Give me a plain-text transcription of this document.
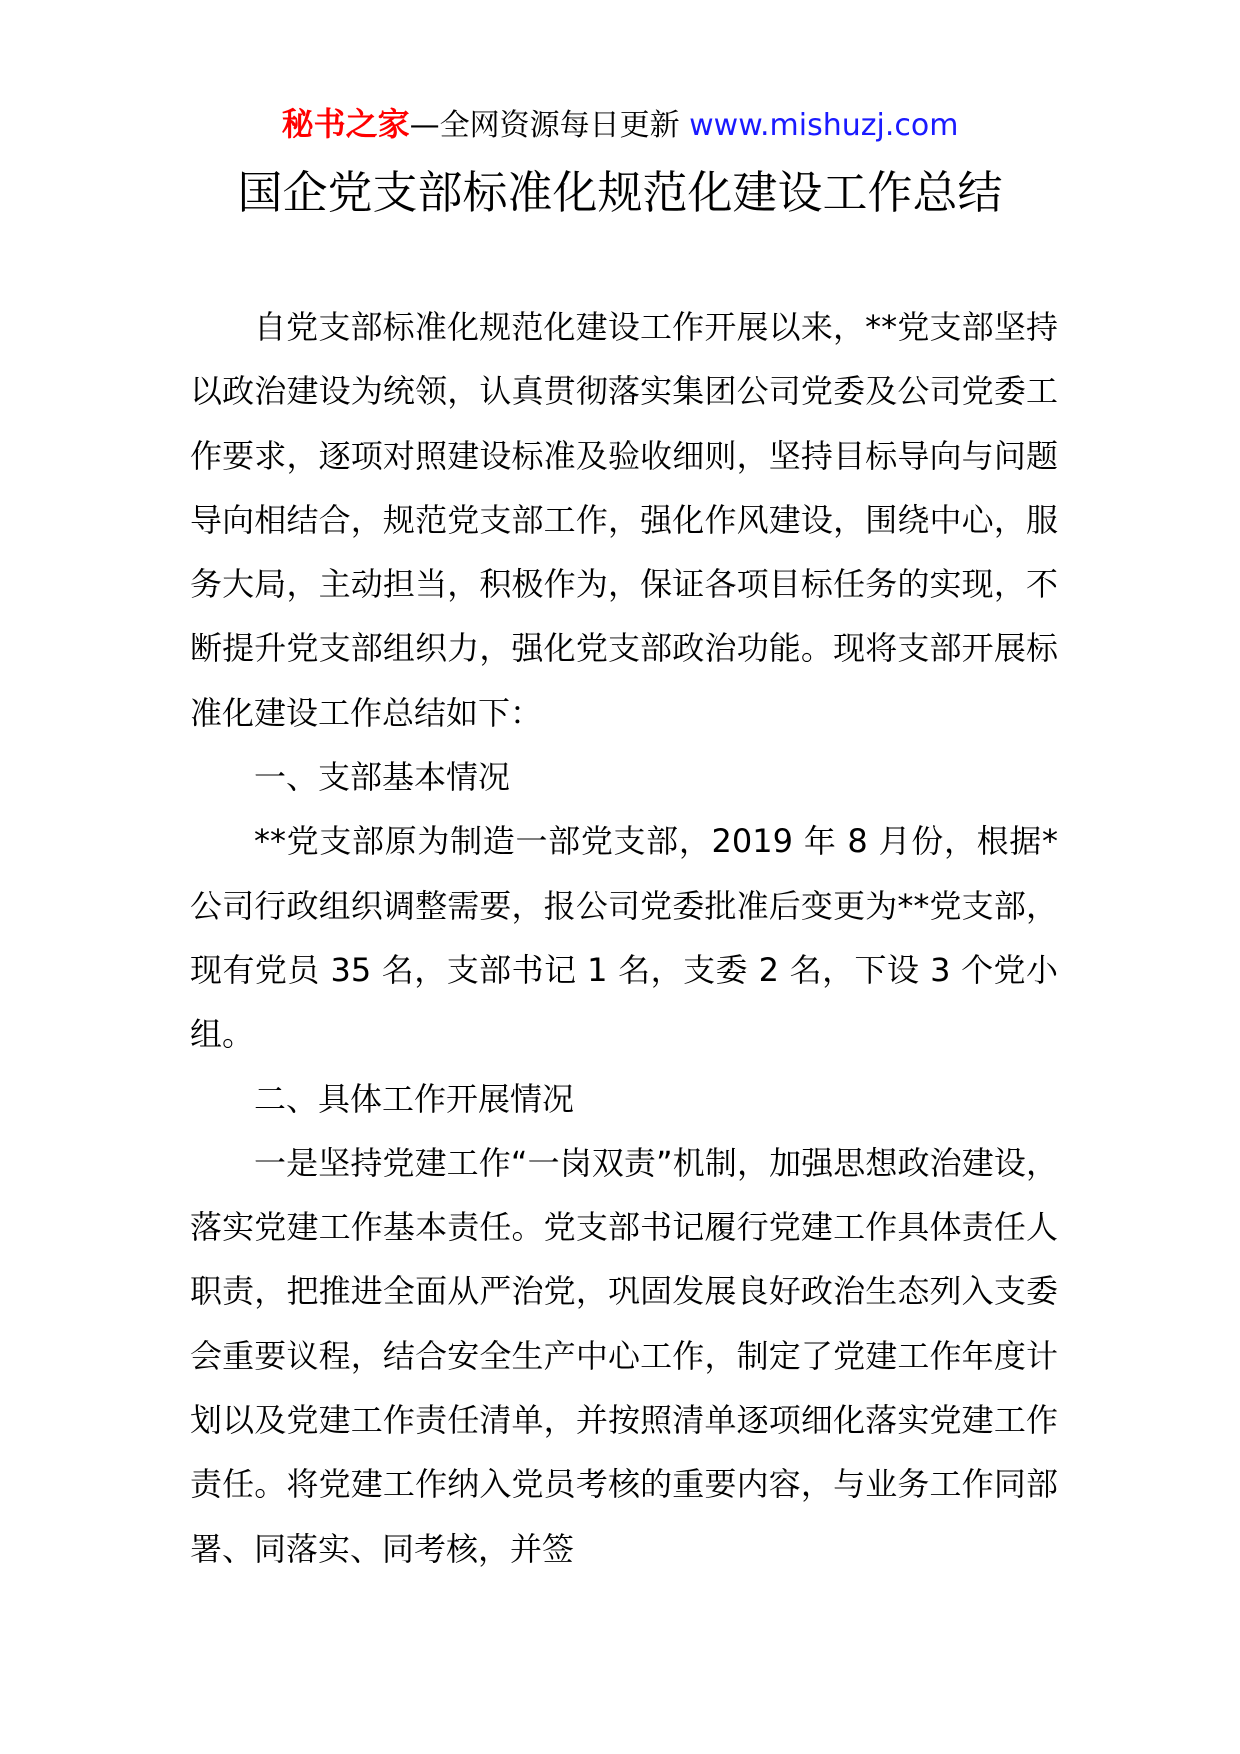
秘书之家—全网资源每日更新 www.mishuzj.com
国企党支部标准化规范化建设工作总结

自党支部标准化规范化建设工作开展以来，**党支部坚持以政治建设为统领，认真贯彻落实集团公司党委及公司党委工作要求，逐项对照建设标准及验收细则，坚持目标导向与问题导向相结合，规范党支部工作，强化作风建设，围绕中心，服务大局，主动担当，积极作为，保证各项目标任务的实现，不断提升党支部组织力，强化党支部政治功能。现将支部开展标准化建设工作总结如下：

一、支部基本情况

**党支部原为制造一部党支部，2019 年 8 月份，根据*公司行政组织调整需要，报公司党委批准后变更为**党支部，现有党员 35 名，支部书记 1 名，支委 2 名，下设 3 个党小组。

二、具体工作开展情况

一是坚持党建工作“一岗双责”机制，加强思想政治建设，落实党建工作基本责任。党支部书记履行党建工作具体责任人职责，把推进全面从严治党，巩固发展良好政治生态列入支委会重要议程，结合安全生产中心工作，制定了党建工作年度计划以及党建工作责任清单，并按照清单逐项细化落实党建工作责任。将党建工作纳入党员考核的重要内容，与业务工作同部署、同落实、同考核，并签
